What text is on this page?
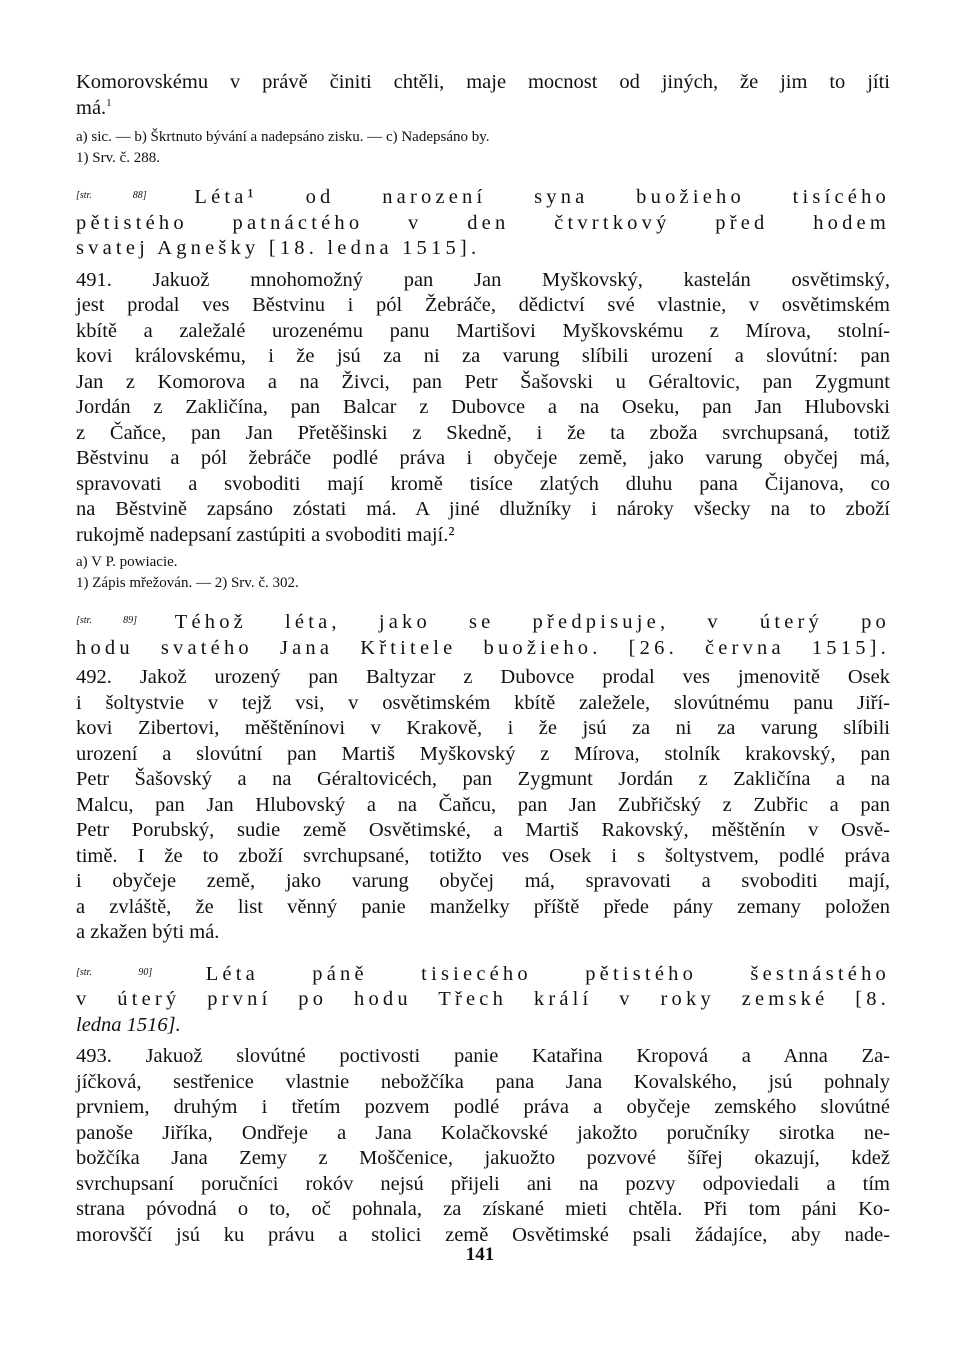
Komorovskému v právě činiti chtěli, maje mocnost od jiných, že jim to jíti
má.$^1$
a) sic. — b) Škrtnuto bývání a nadepsáno zisku. — c) Nadepsáno by.
1) Srv. č. 288.
[str. 88] Léta¹ od narození syna buožieho tisícého
pětistého patnáctého v den čtvrtkový před hodem
svatej Agnešky [18. ledna 1515].
491. Jakuož mnohomožný pan Jan Myškovský, kastelán osvětimský,
jest prodal ves Běstvinu i pól Žebráče, dědictví své vlastnie, v osvětimském
kbítě a zaležalé urozenému panu Martišovi Myškovskému z Mírova, stolní-
kovi královskému, i že jsú za ni za varung slíbili urození a slovútní: pan
Jan z Komorova a na Živci, pan Petr Šašovski u Géraltovic, pan Zygmunt
Jordán z Zakličína, pan Balcar z Dubovce a na Oseku, pan Jan Hlubovski
z Čaňce, pan Jan Přetěšinski z Skedně, i že ta zboža svrchupsaná, totiž
Běstvinu a pól žebráče podlé práva i obyčeje země, jako varung obyčej má,
spravovati a svoboditi mají kromě tisíce zlatých dluhu pana Čijanova, co
na Běstvině zapsáno zóstati má. A jiné dlužníky i nároky všecky na to zboží
rukojmě nadepsaní zastúpiti a svoboditi mají.²
a) V P. powiacie.
1) Zápis mřežován. — 2) Srv. č. 302.
[str. 89] Téhož léta, jako se předpisuje, v úterý po
hodu svatého Jana Křtitele buožieho. [26. června 1515].
492. Jakož urozený pan Baltyzar z Dubovce prodal ves jmenovitě Osek
i šoltystvie v tejž vsi, v osvětimském kbítě zaležele, slovútnému panu Jiří-
kovi Zibertovi, měštěnínovi v Krakově, i že jsú za ni za varung slíbili
urození a slovútní pan Martiš Myškovský z Mírova, stolník krakovský, pan
Petr Šašovský a na Géraltovicéch, pan Zygmunt Jordán z Zakličína a na
Malcu, pan Jan Hlubovský a na Čaňcu, pan Jan Zubřičský z Zubřic a pan
Petr Porubský, sudie země Osvětimské, a Martiš Rakovský, měštěnín v Osvě-
timě. I že to zboží svrchupsané, totižto ves Osek i s šoltystvem, podlé práva
i obyčeje země, jako varung obyčej má, spravovati a svoboditi mají,
a zvláště, že list věnný panie manželky příště přede pány zemany položen
a zkažen býti má.
[str. 90]	Léta páně tisiecého pětistého šestnástého
v úterý první po hodu Třech králí v roky zemské [8.
ledna 1516].
493. Jakuož slovútné poctivosti panie Katařina Kropová a Anna Za-
jíčková, sestřenice vlastnie nebožčíka pana Jana Kovalského, jsú pohnaly
prvniem, druhým i třetím pozvem podlé práva a obyčeje zemského slovútné
panoše Jiříka, Ondřeje a Jana Kolačkovské jakožto poručníky sirotka ne-
božčíka Jana Zemy z Moščenice, jakuožto pozvové šířej okazují, kdež
svrchupsaní poručníci rokóv nejsú přijeli ani na pozvy odpoviedali a tím
strana póvodná o to, oč pohnala, za získané mieti chtěla. Při tom páni Ko-
morovščí jsú ku právu a stolici země Osvětimské psali žádajíce, aby nade-
141
